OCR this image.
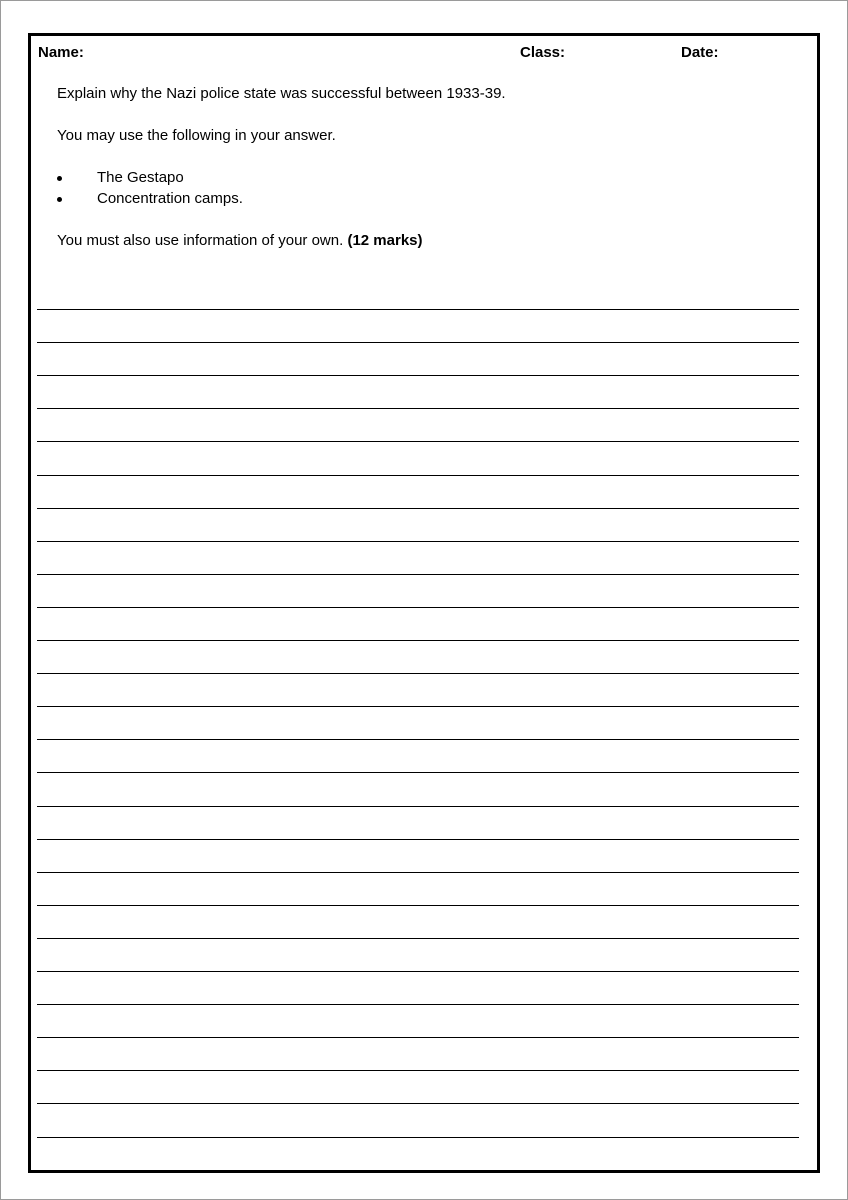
Name:	Class:	Date:
Explain why the Nazi police state was successful between 1933-39.
You may use the following in your answer.
The Gestapo
Concentration camps.
You must also use information of your own. (12 marks)
